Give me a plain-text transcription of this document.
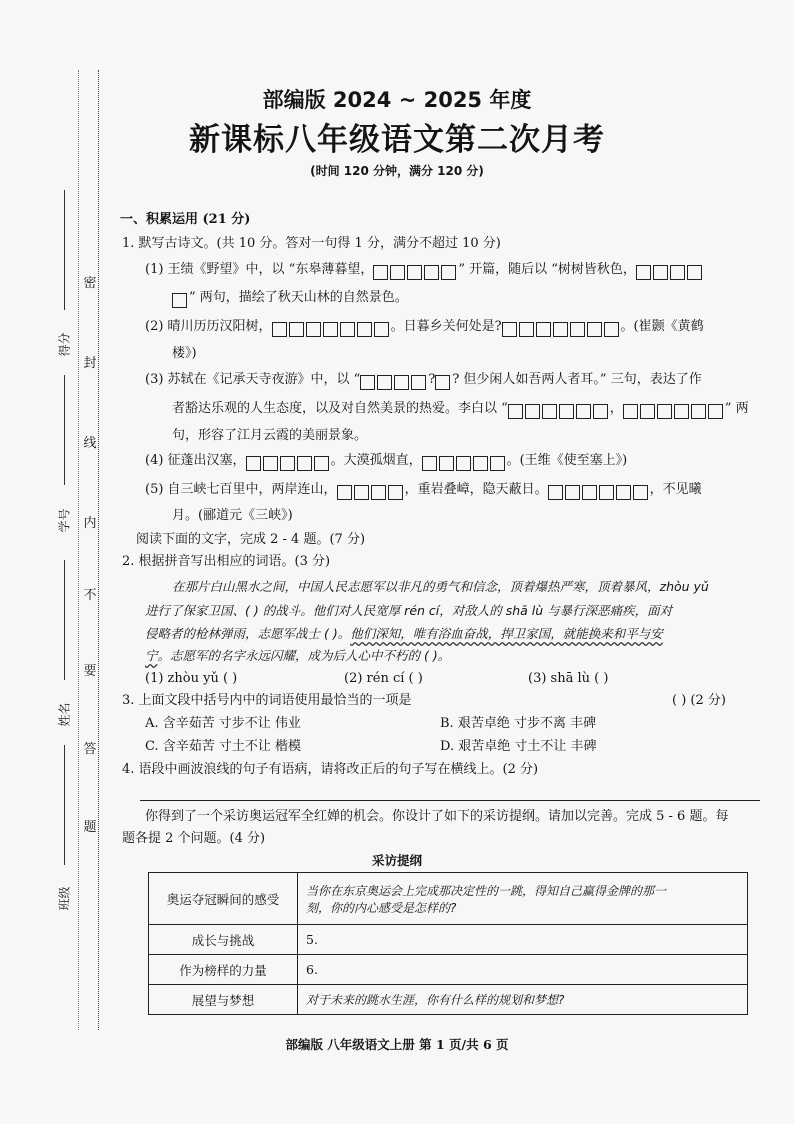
密
封
线
内
不
要
答
题
得分
学号
姓名
班级
部编版 2024 ~ 2025 年度
新课标八年级语文第二次月考
(时间 120 分钟，满分 120 分)
一、积累运用 (21 分)
1. 默写古诗文。(共 10 分。答对一句得 1 分，满分不超过 10 分)
(1) 王绩《野望》中，以 “东皋薄暮望，	” 开篇，随后以 “树树皆秋色，
” 两句，描绘了秋天山林的自然景色。
(2) 晴川历历汉阳树，	。日暮乡关何处是?	。(崔颢《黄鹤
楼》)
(3) 苏轼在《记承天寺夜游》中，以 “	? ? 但少闲人如吾两人者耳。” 三句，表达了作
者豁达乐观的人生态度，以及对自然美景的热爱。李白以 “	，	” 两
句，形容了江月云霞的美丽景象。
(4) 征蓬出汉塞，	。大漠孤烟直，	。(王维《使至塞上》)
(5) 自三峡七百里中，两岸连山，	，重岩叠嶂，隐天蔽日。	，不见曦
月。(郦道元《三峡》)
阅读下面的文字，完成 2 - 4 题。(7 分)
2. 根据拼音写出相应的词语。(3 分)
在那片白山黑水之间，中国人民志愿军以非凡的勇气和信念，顶着爆热严寒，顶着暴风，zhòu yǔ
进行了保家卫国、( ) 的战斗。他们对人民宽厚 rén cí，对敌人的 shā lù 与暴行深恶痛疾，面对
侵略者的枪林弹雨，志愿军战士 ( )。他们深知，唯有浴血奋战，捍卫家国，就能换来和平与安
宁。志愿军的名字永远闪耀，成为后人心中不朽的 ( )。
(1) zhòu yǔ ( )	(2) rén cí ( )	(3) shā lù ( )
3. 上面文段中括号内中的词语使用最恰当的一项是	( ) (2 分)
A. 含辛茹苦 寸步不让 伟业	B. 艰苦卓绝 寸步不离 丰碑
C. 含辛茹苦 寸土不让 楷模	D. 艰苦卓绝 寸土不让 丰碑
4. 语段中画波浪线的句子有语病，请将改正后的句子写在横线上。(2 分)
你得到了一个采访奥运冠军全红婵的机会。你设计了如下的采访提纲。请加以完善。完成 5 - 6 题。每
题各提 2 个问题。(4 分)
采访提纲
奥运夺冠瞬间的感受	当你在东京奥运会上完成那决定性的一跳，得知自己赢得金牌的那一
刻，你的内心感受是怎样的?

成长与挑战	5.
作为榜样的力量	6.
展望与梦想	对于未来的跳水生涯，你有什么样的规划和梦想?
部编版 八年级语文上册 第 1 页/共 6 页
